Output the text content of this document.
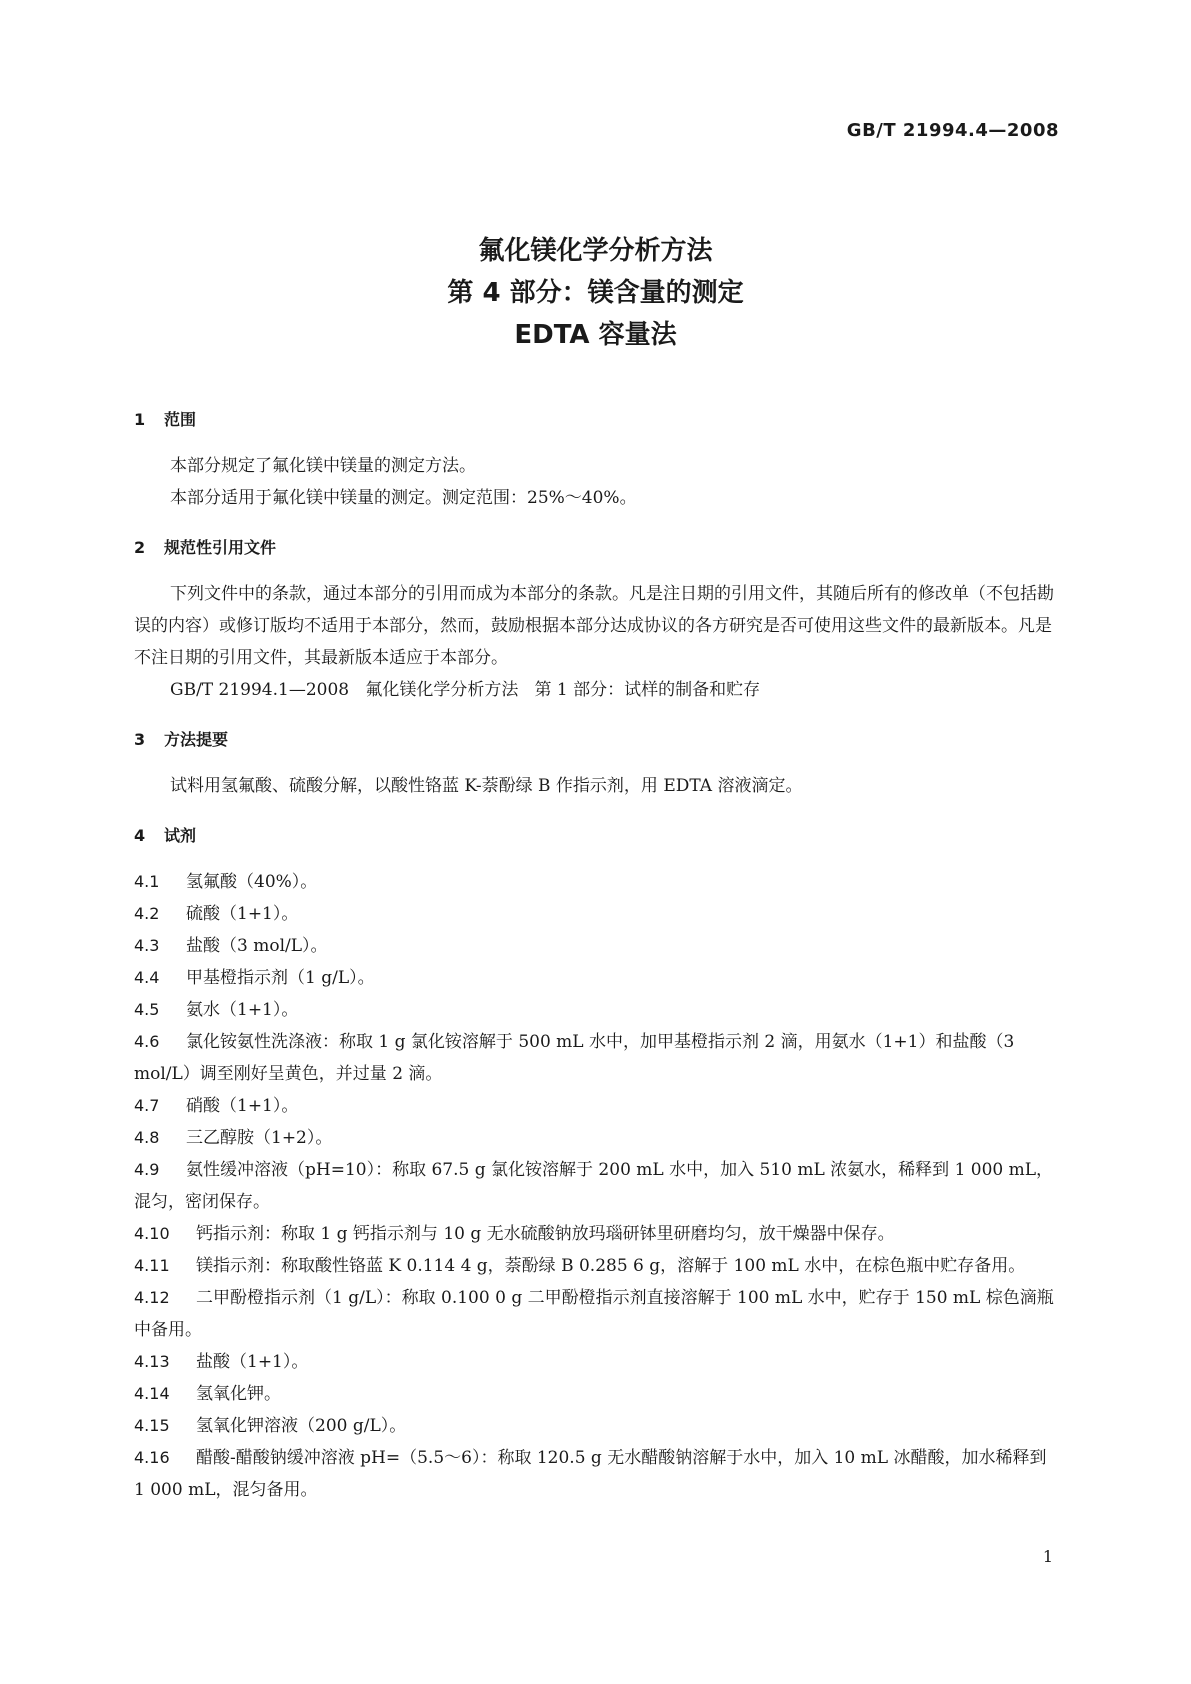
GB/T 21994.4—2008
氟化镁化学分析方法
第 4 部分：镁含量的测定
EDTA 容量法
1 范围
本部分规定了氟化镁中镁量的测定方法。
本部分适用于氟化镁中镁量的测定。测定范围：25%～40%。
2 规范性引用文件
下列文件中的条款，通过本部分的引用而成为本部分的条款。凡是注日期的引用文件，其随后所有的修改单（不包括勘误的内容）或修订版均不适用于本部分，然而，鼓励根据本部分达成协议的各方研究是否可使用这些文件的最新版本。凡是不注日期的引用文件，其最新版本适应于本部分。
GB/T 21994.1—2008   氟化镁化学分析方法   第 1 部分：试样的制备和贮存
3 方法提要
试料用氢氟酸、硫酸分解，以酸性铬蓝 K-萘酚绿 B 作指示剂，用 EDTA 溶液滴定。
4 试剂
4.1 氢氟酸（40%）。
4.2 硫酸（1+1）。
4.3 盐酸（3 mol/L）。
4.4 甲基橙指示剂（1 g/L）。
4.5 氨水（1+1）。
4.6 氯化铵氨性洗涤液：称取 1 g 氯化铵溶解于 500 mL 水中，加甲基橙指示剂 2 滴，用氨水（1+1）和盐酸（3 mol/L）调至刚好呈黄色，并过量 2 滴。
4.7 硝酸（1+1）。
4.8 三乙醇胺（1+2）。
4.9 氨性缓冲溶液（pH=10）：称取 67.5 g 氯化铵溶解于 200 mL 水中，加入 510 mL 浓氨水，稀释到 1 000 mL，混匀，密闭保存。
4.10 钙指示剂：称取 1 g 钙指示剂与 10 g 无水硫酸钠放玛瑙研钵里研磨均匀，放干燥器中保存。
4.11 镁指示剂：称取酸性铬蓝 K 0.114 4 g，萘酚绿 B 0.285 6 g，溶解于 100 mL 水中，在棕色瓶中贮存备用。
4.12 二甲酚橙指示剂（1 g/L）：称取 0.100 0 g 二甲酚橙指示剂直接溶解于 100 mL 水中，贮存于 150 mL 棕色滴瓶中备用。
4.13 盐酸（1+1）。
4.14 氢氧化钾。
4.15 氢氧化钾溶液（200 g/L）。
4.16 醋酸-醋酸钠缓冲溶液 pH=（5.5～6）：称取 120.5 g 无水醋酸钠溶解于水中，加入 10 mL 冰醋酸，加水稀释到 1 000 mL，混匀备用。
1
